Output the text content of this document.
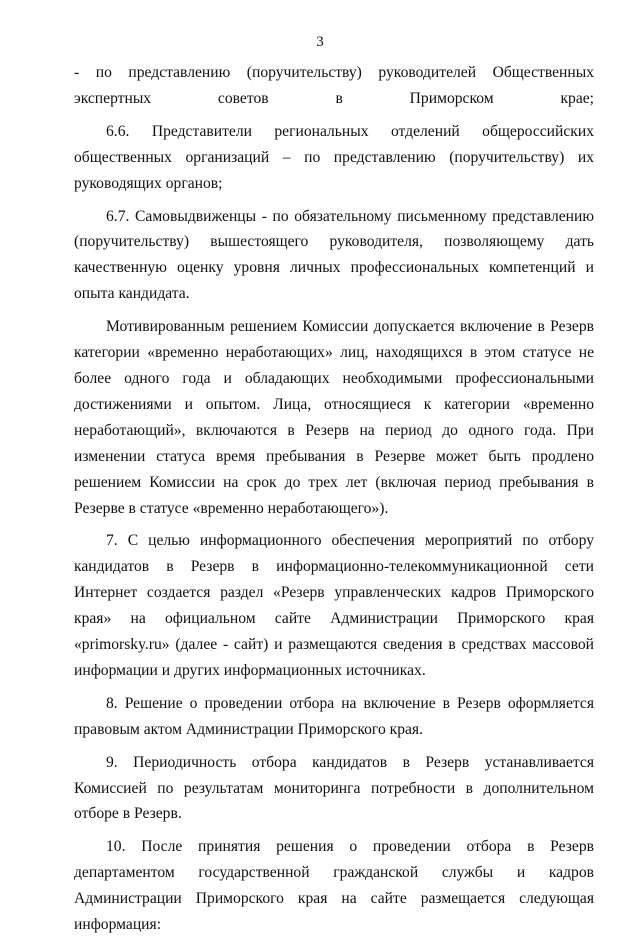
3

- по представлению (поручительству) руководителей Общественных экспертных советов в Приморском крае;

6.6. Представители региональных отделений общероссийских общественных организаций – по представлению (поручительству) их руководящих органов;

6.7. Самовыдвиженцы - по обязательному письменному представлению (поручительству) вышестоящего руководителя, позволяющему дать качественную оценку уровня личных профессиональных компетенций и опыта кандидата.

Мотивированным решением Комиссии допускается включение в Резерв категории «временно неработающих» лиц, находящихся в этом статусе не более одного года и обладающих необходимыми профессиональными достижениями и опытом. Лица, относящиеся к категории «временно неработающий», включаются в Резерв на период до одного года. При изменении статуса время пребывания в Резерве может быть продлено решением Комиссии на срок до трех лет (включая период пребывания в Резерве в статусе «временно неработающего»).

7. С целью информационного обеспечения мероприятий по отбору кандидатов в Резерв в информационно-телекоммуникационной сети Интернет создается раздел «Резерв управленческих кадров Приморского края» на официальном сайте Администрации Приморского края «primorsky.ru» (далее - сайт) и размещаются сведения в средствах массовой информации и других информационных источниках.

8. Решение о проведении отбора на включение в Резерв оформляется правовым актом Администрации Приморского края.

9. Периодичность отбора кандидатов в Резерв устанавливается Комиссией по результатам мониторинга потребности в дополнительном отборе в Резерв.

10. После принятия решения о проведении отбора в Резерв департаментом государственной гражданской службы и кадров Администрации Приморского края на сайте размещается следующая информация:
